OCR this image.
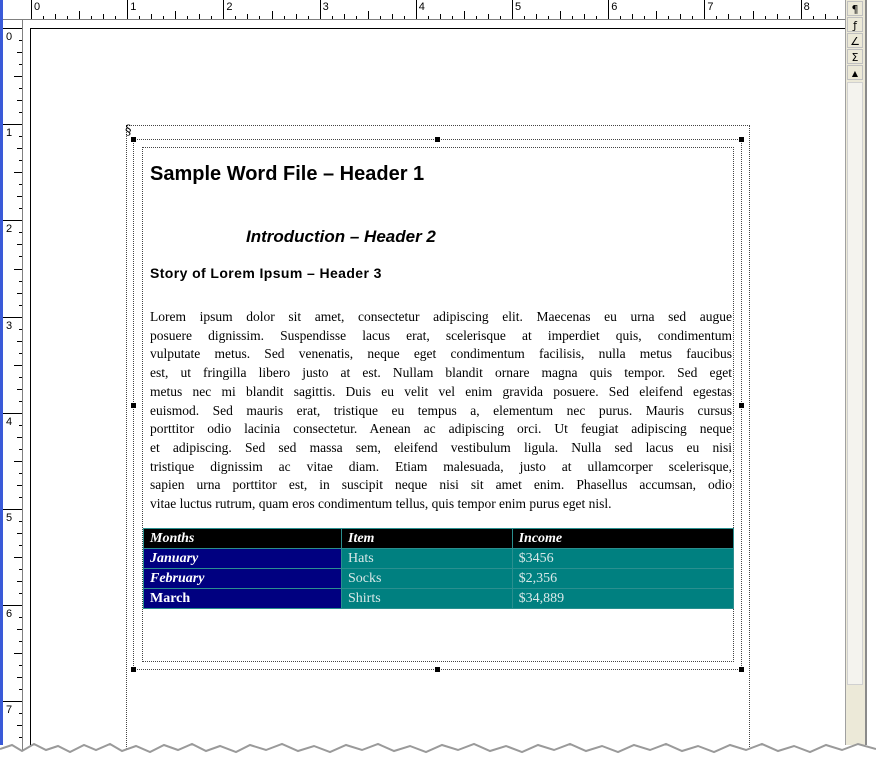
0	1	2	3	4	5	6	7	8
0
1
2
3
4
5
6
7
¶
ƒ
∠
Σ
▲
§
Sample Word File – Header 1
Introduction – Header 2
Story of Lorem Ipsum – Header 3
Lorem ipsum dolor sit amet, consectetur adipiscing elit. Maecenas eu urna sed augue
posuere dignissim. Suspendisse lacus erat, scelerisque at imperdiet quis, condimentum
vulputate metus. Sed venenatis, neque eget condimentum facilisis, nulla metus faucibus
est, ut fringilla libero justo at est. Nullam blandit ornare magna quis tempor. Sed eget
metus nec mi blandit sagittis. Duis eu velit vel enim gravida posuere. Sed eleifend egestas
euismod. Sed mauris erat, tristique eu tempus a, elementum nec purus. Mauris cursus
porttitor odio lacinia consectetur. Aenean ac adipiscing orci. Ut feugiat adipiscing neque
et adipiscing. Sed sed massa sem, eleifend vestibulum ligula. Nulla sed lacus eu nisi
tristique dignissim ac vitae diam. Etiam malesuada, justo at ullamcorper scelerisque,
sapien urna porttitor est, in suscipit neque nisi sit amet enim. Phasellus accumsan, odio
vitae luctus rutrum, quam eros condimentum tellus, quis tempor enim purus eget nisl.
Months	Item	Income
January	Hats	$3456
February	Socks	$2,356
March	Shirts	$34,889
